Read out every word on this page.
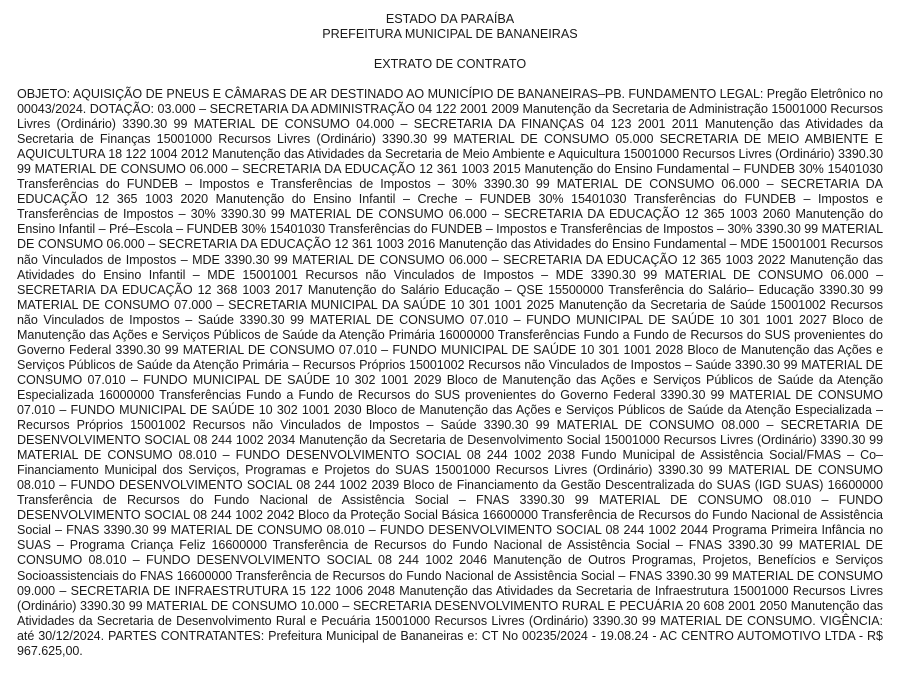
ESTADO DA PARAÍBA
PREFEITURA MUNICIPAL DE BANANEIRAS
EXTRATO DE CONTRATO

OBJETO: AQUISIÇÃO DE PNEUS E CÂMARAS DE AR DESTINADO AO MUNICÍPIO DE BANANEIRAS–PB. FUNDAMENTO LEGAL: Pregão Eletrônico no 00043/2024. DOTAÇÃO: 03.000 – SECRETARIA DA ADMINISTRAÇÃO 04 122 2001 2009 Manutenção da Secretaria de Administração 15001000 Recursos Livres (Ordinário) 3390.30 99 MATERIAL DE CONSUMO 04.000 – SECRETARIA DA FINANÇAS 04 123 2001 2011 Manutenção das Atividades da Secretaria de Finanças 15001000 Recursos Livres (Ordinário) 3390.30 99 MATERIAL DE CONSUMO 05.000 SECRETARIA DE MEIO AMBIENTE E AQUICULTURA 18 122 1004 2012 Manutenção das Atividades da Secretaria de Meio Ambiente e Aquicultura 15001000 Recursos Livres (Ordinário) 3390.30 99 MATERIAL DE CONSUMO 06.000 – SECRETARIA DA EDUCAÇÃO 12 361 1003 2015 Manutenção do Ensino Fundamental – FUNDEB 30% 15401030 Transferências do FUNDEB – Impostos e Transferências de Impostos – 30% 3390.30 99 MATERIAL DE CONSUMO 06.000 – SECRETARIA DA EDUCAÇÃO 12 365 1003 2020 Manutenção do Ensino Infantil – Creche – FUNDEB 30% 15401030 Transferências do FUNDEB – Impostos e Transferências de Impostos – 30% 3390.30 99 MATERIAL DE CONSUMO 06.000 – SECRETARIA DA EDUCAÇÃO 12 365 1003 2060 Manutenção do Ensino Infantil – Pré–Escola – FUNDEB 30% 15401030 Transferências do FUNDEB – Impostos e Transferências de Impostos – 30% 3390.30 99 MATERIAL DE CONSUMO 06.000 – SECRETARIA DA EDUCAÇÃO 12 361 1003 2016 Manutenção das Atividades do Ensino Fundamental – MDE 15001001 Recursos não Vinculados de Impostos – MDE 3390.30 99 MATERIAL DE CONSUMO 06.000 – SECRETARIA DA EDUCAÇÃO 12 365 1003 2022 Manutenção das Atividades do Ensino Infantil – MDE 15001001 Recursos não Vinculados de Impostos – MDE 3390.30 99 MATERIAL DE CONSUMO 06.000 – SECRETARIA DA EDUCAÇÃO 12 368 1003 2017 Manutenção do Salário Educação – QSE 15500000 Transferência do Salário– Educação 3390.30 99 MATERIAL DE CONSUMO 07.000 – SECRETARIA MUNICIPAL DA SAÚDE 10 301 1001 2025 Manutenção da Secretaria de Saúde 15001002 Recursos não Vinculados de Impostos – Saúde 3390.30 99 MATERIAL DE CONSUMO 07.010 – FUNDO MUNICIPAL DE SAÚDE 10 301 1001 2027 Bloco de Manutenção das Ações e Serviços Públicos de Saúde da Atenção Primária 16000000 Transferências Fundo a Fundo de Recursos do SUS provenientes do Governo Federal 3390.30 99 MATERIAL DE CONSUMO 07.010 – FUNDO MUNICIPAL DE SAÚDE 10 301 1001 2028 Bloco de Manutenção das Ações e Serviços Públicos de Saúde da Atenção Primária – Recursos Próprios 15001002 Recursos não Vinculados de Impostos – Saúde 3390.30 99 MATERIAL DE CONSUMO 07.010 – FUNDO MUNICIPAL DE SAÚDE 10 302 1001 2029 Bloco de Manutenção das Ações e Serviços Públicos de Saúde da Atenção Especializada 16000000 Transferências Fundo a Fundo de Recursos do SUS provenientes do Governo Federal 3390.30 99 MATERIAL DE CONSUMO 07.010 – FUNDO MUNICIPAL DE SAÚDE 10 302 1001 2030 Bloco de Manutenção das Ações e Serviços Públicos de Saúde da Atenção Especializada –Recursos Próprios 15001002 Recursos não Vinculados de Impostos – Saúde 3390.30 99 MATERIAL DE CONSUMO 08.000 – SECRETARIA DE DESENVOLVIMENTO SOCIAL 08 244 1002 2034 Manutenção da Secretaria de Desenvolvimento Social 15001000 Recursos Livres (Ordinário) 3390.30 99 MATERIAL DE CONSUMO 08.010 – FUNDO DESENVOLVIMENTO SOCIAL 08 244 1002 2038 Fundo Municipal de Assistência Social/FMAS – Co–Financiamento Municipal dos Serviços, Programas e Projetos do SUAS 15001000 Recursos Livres (Ordinário) 3390.30 99 MATERIAL DE CONSUMO 08.010 – FUNDO DESENVOLVIMENTO SOCIAL 08 244 1002 2039 Bloco de Financiamento da Gestão Descentralizada do SUAS (IGD SUAS) 16600000 Transferência de Recursos do Fundo Nacional de Assistência Social – FNAS 3390.30 99 MATERIAL DE CONSUMO 08.010 – FUNDO DESENVOLVIMENTO SOCIAL 08 244 1002 2042 Bloco da Proteção Social Básica 16600000 Transferência de Recursos do Fundo Nacional de Assistência Social – FNAS 3390.30 99 MATERIAL DE CONSUMO 08.010 – FUNDO DESENVOLVIMENTO SOCIAL 08 244 1002 2044 Programa Primeira Infância no SUAS – Programa Criança Feliz 16600000 Transferência de Recursos do Fundo Nacional de Assistência Social – FNAS 3390.30 99 MATERIAL DE CONSUMO 08.010 – FUNDO DESENVOLVIMENTO SOCIAL 08 244 1002 2046 Manutenção de Outros Programas, Projetos, Benefícios e Serviços Socioassistenciais do FNAS 16600000 Transferência de Recursos do Fundo Nacional de Assistência Social – FNAS 3390.30 99 MATERIAL DE CONSUMO 09.000 – SECRETARIA DE INFRAESTRUTURA 15 122 1006 2048 Manutenção das Atividades da Secretaria de Infraestrutura 15001000 Recursos Livres (Ordinário) 3390.30 99 MATERIAL DE CONSUMO 10.000 – SECRETARIA DESENVOLVIMENTO RURAL E PECUÁRIA 20 608 2001 2050 Manutenção das Atividades da Secretaria de Desenvolvimento Rural e Pecuária 15001000 Recursos Livres (Ordinário) 3390.30 99 MATERIAL DE CONSUMO. VIGÊNCIA: até 30/12/2024. PARTES CONTRATANTES: Prefeitura Municipal de Bananeiras e: CT No 00235/2024 - 19.08.24 - AC CENTRO AUTOMOTIVO LTDA - R$ 967.625,00.
